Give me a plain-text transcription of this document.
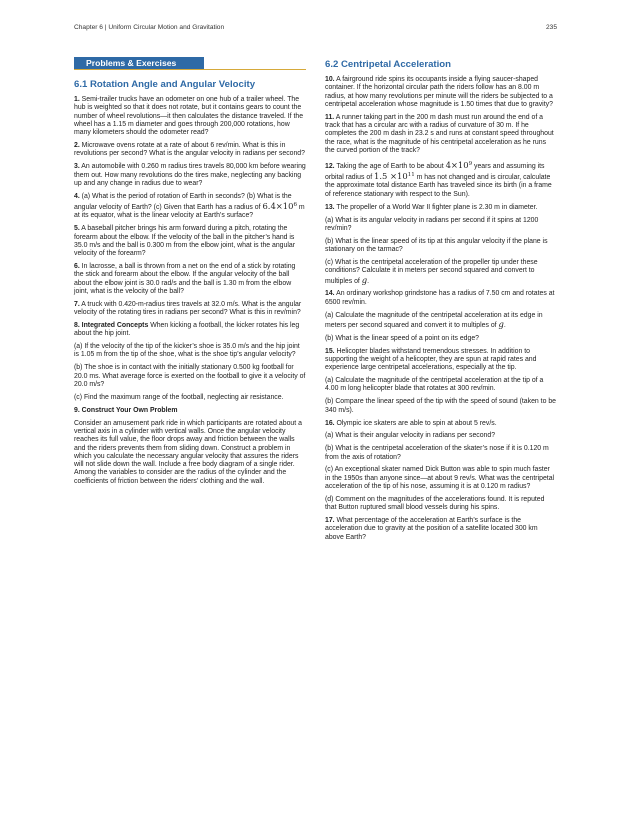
Chapter 6 | Uniform Circular Motion and Gravitation	235
Problems & Exercises
6.1 Rotation Angle and Angular Velocity

1. Semi-trailer trucks have an odometer on one hub of a trailer wheel. The hub is weighted so that it does not rotate, but it contains gears to count the number of wheel revolutions—it then calculates the distance traveled. If the wheel has a 1.15 m diameter and goes through 200,000 rotations, how many kilometers should the odometer read?

2. Microwave ovens rotate at a rate of about 6 rev/min. What is this in revolutions per second? What is the angular velocity in radians per second?

3. An automobile with 0.260 m radius tires travels 80,000 km before wearing them out. How many revolutions do the tires make, neglecting any backing up and any change in radius due to wear?

4. (a) What is the period of rotation of Earth in seconds? (b) What is the angular velocity of Earth? (c) Given that Earth has a radius of $6.4\times 10^6$ m at its equator, what is the linear velocity at Earth’s surface?

5. A baseball pitcher brings his arm forward during a pitch, rotating the forearm about the elbow. If the velocity of the ball in the pitcher’s hand is 35.0 m/s and the ball is 0.300 m from the elbow joint, what is the angular velocity of the forearm?

6. In lacrosse, a ball is thrown from a net on the end of a stick by rotating the stick and forearm about the elbow. If the angular velocity of the ball about the elbow joint is 30.0 rad/s and the ball is 1.30 m from the elbow joint, what is the velocity of the ball?

7. A truck with 0.420-m-radius tires travels at 32.0 m/s. What is the angular velocity of the rotating tires in radians per second? What is this in rev/min?

8. Integrated Concepts When kicking a football, the kicker rotates his leg about the hip joint.

(a) If the velocity of the tip of the kicker’s shoe is 35.0 m/s and the hip joint is 1.05 m from the tip of the shoe, what is the shoe tip’s angular velocity?

(b) The shoe is in contact with the initially stationary 0.500 kg football for 20.0 ms. What average force is exerted on the football to give it a velocity of 20.0 m/s?

(c) Find the maximum range of the football, neglecting air resistance.

9. Construct Your Own Problem

Consider an amusement park ride in which participants are rotated about a vertical axis in a cylinder with vertical walls. Once the angular velocity reaches its full value, the floor drops away and friction between the walls and the riders prevents them from sliding down. Construct a problem in which you calculate the necessary angular velocity that assures the riders will not slide down the wall. Include a free body diagram of a single rider. Among the variables to consider are the radius of the cylinder and the coefficients of friction between the riders’ clothing and the wall.

6.2 Centripetal Acceleration

10. A fairground ride spins its occupants inside a flying saucer-shaped container. If the horizontal circular path the riders follow has an 8.00 m radius, at how many revolutions per minute will the riders be subjected to a centripetal acceleration whose magnitude is 1.50 times that due to gravity?

11. A runner taking part in the 200 m dash must run around the end of a track that has a circular arc with a radius of curvature of 30 m. If he completes the 200 m dash in 23.2 s and runs at constant speed throughout the race, what is the magnitude of his centripetal acceleration as he runs the curved portion of the track?

12. Taking the age of Earth to be about $4\times 10^9$ years and assuming its orbital radius of $1.5 \times 10^{11}$ m has not changed and is circular, calculate the approximate total distance Earth has traveled since its birth (in a frame of reference stationary with respect to the Sun).

13. The propeller of a World War II fighter plane is 2.30 m in diameter.

(a) What is its angular velocity in radians per second if it spins at 1200 rev/min?

(b) What is the linear speed of its tip at this angular velocity if the plane is stationary on the tarmac?

(c) What is the centripetal acceleration of the propeller tip under these conditions? Calculate it in meters per second squared and convert to multiples of g.

14. An ordinary workshop grindstone has a radius of 7.50 cm and rotates at 6500 rev/min.

(a) Calculate the magnitude of the centripetal acceleration at its edge in meters per second squared and convert it to multiples of g.

(b) What is the linear speed of a point on its edge?

15. Helicopter blades withstand tremendous stresses. In addition to supporting the weight of a helicopter, they are spun at rapid rates and experience large centripetal accelerations, especially at the tip.

(a) Calculate the magnitude of the centripetal acceleration at the tip of a 4.00 m long helicopter blade that rotates at 300 rev/min.

(b) Compare the linear speed of the tip with the speed of sound (taken to be 340 m/s).

16. Olympic ice skaters are able to spin at about 5 rev/s.

(a) What is their angular velocity in radians per second?

(b) What is the centripetal acceleration of the skater’s nose if it is 0.120 m from the axis of rotation?

(c) An exceptional skater named Dick Button was able to spin much faster in the 1950s than anyone since—at about 9 rev/s. What was the centripetal acceleration of the tip of his nose, assuming it is at 0.120 m radius?

(d) Comment on the magnitudes of the accelerations found. It is reputed that Button ruptured small blood vessels during his spins.

17. What percentage of the acceleration at Earth’s surface is the acceleration due to gravity at the position of a satellite located 300 km above Earth?
